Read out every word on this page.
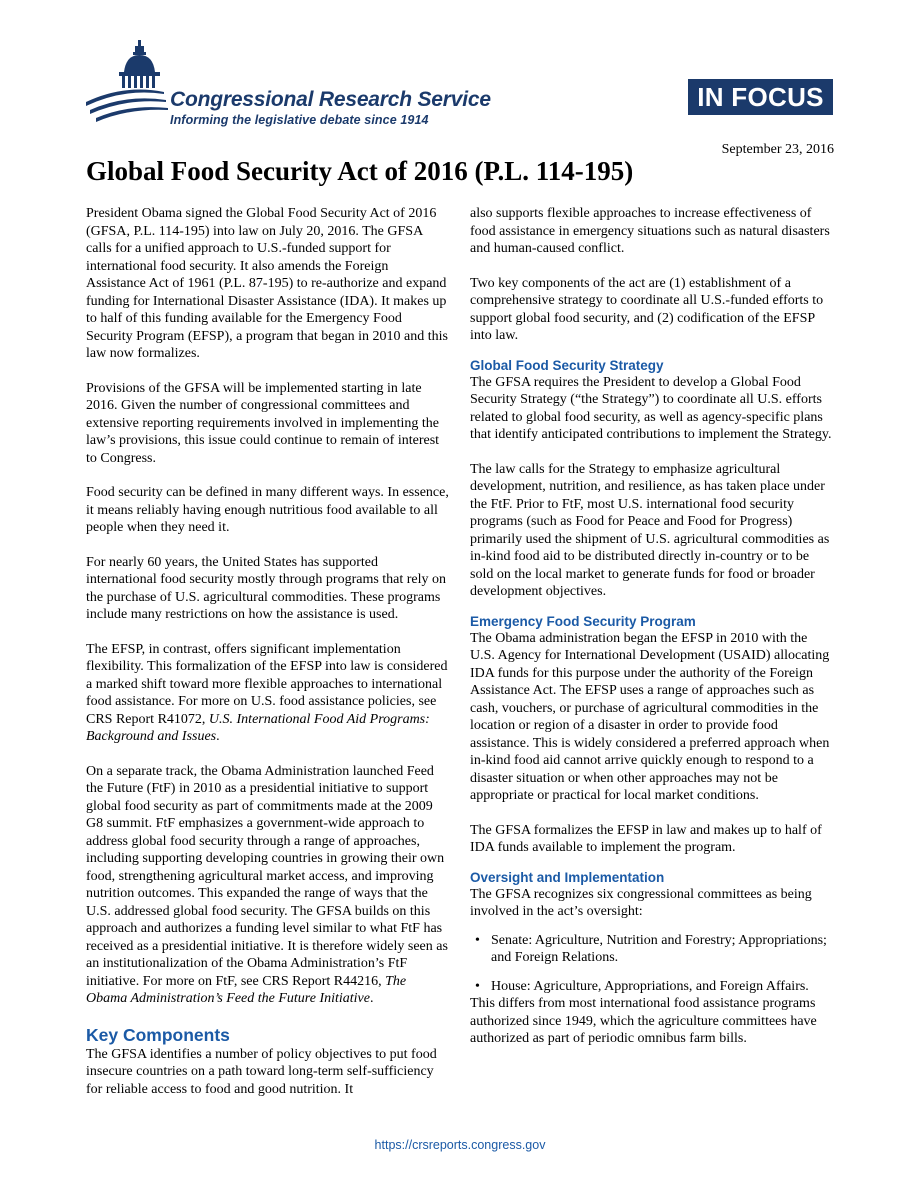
Congressional Research Service
Informing the legislative debate since 1914
IN FOCUS
September 23, 2016
Global Food Security Act of 2016 (P.L. 114-195)

President Obama signed the Global Food Security Act of 2016 (GFSA, P.L. 114-195) into law on July 20, 2016. The GFSA calls for a unified approach to U.S.-funded support for international food security. It also amends the Foreign Assistance Act of 1961 (P.L. 87-195) to re-authorize and expand funding for International Disaster Assistance (IDA). It makes up to half of this funding available for the Emergency Food Security Program (EFSP), a program that began in 2010 and this law now formalizes.

Provisions of the GFSA will be implemented starting in late 2016. Given the number of congressional committees and extensive reporting requirements involved in implementing the law’s provisions, this issue could continue to remain of interest to Congress.

Food security can be defined in many different ways. In essence, it means reliably having enough nutritious food available to all people when they need it.

For nearly 60 years, the United States has supported international food security mostly through programs that rely on the purchase of U.S. agricultural commodities. These programs include many restrictions on how the assistance is used.

The EFSP, in contrast, offers significant implementation flexibility. This formalization of the EFSP into law is considered a marked shift toward more flexible approaches to international food assistance. For more on U.S. food assistance policies, see CRS Report R41072, U.S. International Food Aid Programs: Background and Issues.

On a separate track, the Obama Administration launched Feed the Future (FtF) in 2010 as a presidential initiative to support global food security as part of commitments made at the 2009 G8 summit. FtF emphasizes a government-wide approach to address global food security through a range of approaches, including supporting developing countries in growing their own food, strengthening agricultural market access, and improving nutrition outcomes. This expanded the range of ways that the U.S. addressed global food security. The GFSA builds on this approach and authorizes a funding level similar to what FtF has received as a presidential initiative. It is therefore widely seen as an institutionalization of the Obama Administration’s FtF initiative. For more on FtF, see CRS Report R44216, The Obama Administration’s Feed the Future Initiative.

Key Components

The GFSA identifies a number of policy objectives to put food insecure countries on a path toward long-term self-sufficiency for reliable access to food and good nutrition. It

also supports flexible approaches to increase effectiveness of food assistance in emergency situations such as natural disasters and human-caused conflict.

Two key components of the act are (1) establishment of a comprehensive strategy to coordinate all U.S.-funded efforts to support global food security, and (2) codification of the EFSP into law.

Global Food Security Strategy

The GFSA requires the President to develop a Global Food Security Strategy (“the Strategy”) to coordinate all U.S. efforts related to global food security, as well as agency-specific plans that identify anticipated contributions to implement the Strategy.

The law calls for the Strategy to emphasize agricultural development, nutrition, and resilience, as has taken place under the FtF. Prior to FtF, most U.S. international food security programs (such as Food for Peace and Food for Progress) primarily used the shipment of U.S. agricultural commodities as in-kind food aid to be distributed directly in-country or to be sold on the local market to generate funds for food or broader development objectives.

Emergency Food Security Program

The Obama administration began the EFSP in 2010 with the U.S. Agency for International Development (USAID) allocating IDA funds for this purpose under the authority of the Foreign Assistance Act. The EFSP uses a range of approaches such as cash, vouchers, or purchase of agricultural commodities in the location or region of a disaster in order to provide food assistance. This is widely considered a preferred approach when in-kind food aid cannot arrive quickly enough to respond to a disaster situation or when other approaches may not be appropriate or practical for local market conditions.

The GFSA formalizes the EFSP in law and makes up to half of IDA funds available to implement the program.

Oversight and Implementation

The GFSA recognizes six congressional committees as being involved in the act’s oversight:

• Senate: Agriculture, Nutrition and Forestry; Appropriations; and Foreign Relations.
• House: Agriculture, Appropriations, and Foreign Affairs.

This differs from most international food assistance programs authorized since 1949, which the agriculture committees have authorized as part of periodic omnibus farm bills.

https://crsreports.congress.gov
